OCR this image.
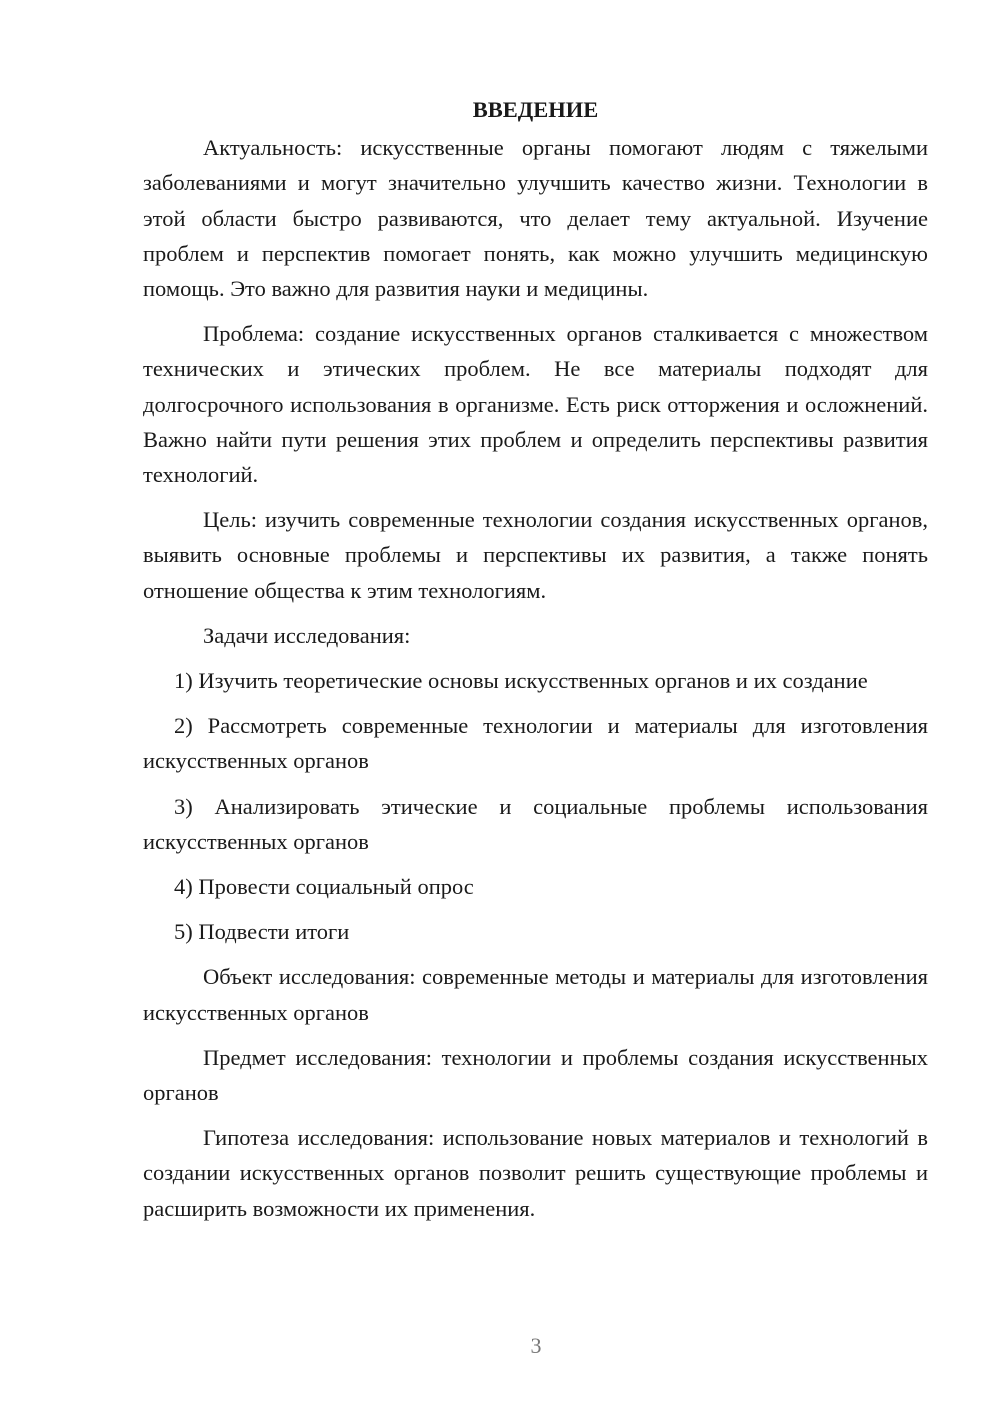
ВВЕДЕНИЕ

Актуальность: искусственные органы помогают людям с тяжелыми заболеваниями и могут значительно улучшить качество жизни. Технологии в этой области быстро развиваются, что делает тему актуальной. Изучение проблем и перспектив помогает понять, как можно улучшить медицинскую помощь. Это важно для развития науки и медицины.

Проблема: создание искусственных органов сталкивается с множеством технических и этических проблем. Не все материалы подходят для долгосрочного использования в организме. Есть риск отторжения и осложнений. Важно найти пути решения этих проблем и определить перспективы развития технологий.

Цель: изучить современные технологии создания искусственных органов, выявить основные проблемы и перспективы их развития, а также понять отношение общества к этим технологиям.

Задачи исследования:

1) Изучить теоретические основы искусственных органов и их создание

2) Рассмотреть современные технологии и материалы для изготовления искусственных органов

3) Анализировать этические и социальные проблемы использования искусственных органов

4) Провести социальный опрос

5) Подвести итоги

Объект исследования: современные методы и материалы для изготовления искусственных органов

Предмет исследования: технологии и проблемы создания искусственных органов

Гипотеза исследования: использование новых материалов и технологий в создании искусственных органов позволит решить существующие проблемы и расширить возможности их применения.

3
